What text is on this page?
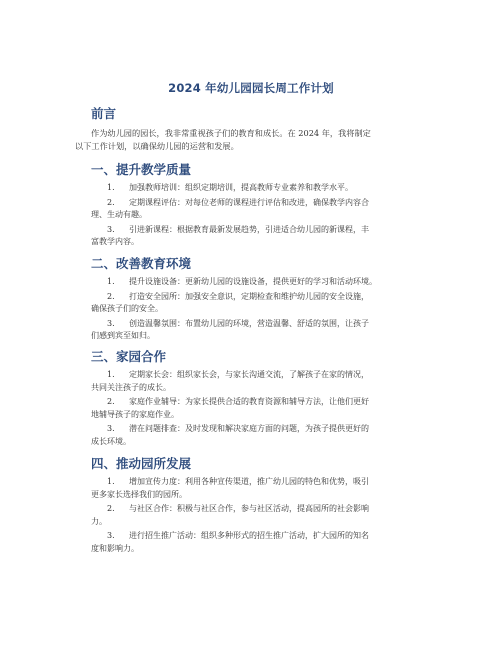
2024 年幼儿园园长周工作计划
前言
作为幼儿园的园长，我非常重视孩子们的教育和成长。在 2024 年，我将制定
以下工作计划，以确保幼儿园的运营和发展。
一、提升教学质量
1. 加强教师培训：组织定期培训，提高教师专业素养和教学水平。
2. 定期课程评估：对每位老师的课程进行评估和改进，确保教学内容合
理、生动有趣。
3. 引进新课程：根据教育最新发展趋势，引进适合幼儿园的新课程，丰
富教学内容。
二、改善教育环境
1. 提升设施设备：更新幼儿园的设施设备，提供更好的学习和活动环境。
2. 打造安全园所：加强安全意识，定期检查和维护幼儿园的安全设施，
确保孩子们的安全。
3. 创造温馨氛围：布置幼儿园的环境，营造温馨、舒适的氛围，让孩子
们感到宾至如归。
三、家园合作
1. 定期家长会：组织家长会，与家长沟通交流，了解孩子在家的情况，
共同关注孩子的成长。
2. 家庭作业辅导：为家长提供合适的教育资源和辅导方法，让他们更好
地辅导孩子的家庭作业。
3. 潜在问题排查：及时发现和解决家庭方面的问题，为孩子提供更好的
成长环境。
四、推动园所发展
1. 增加宣传力度：利用各种宣传渠道，推广幼儿园的特色和优势，吸引
更多家长选择我们的园所。
2. 与社区合作：积极与社区合作，参与社区活动，提高园所的社会影响
力。
3. 进行招生推广活动：组织多种形式的招生推广活动，扩大园所的知名
度和影响力。
